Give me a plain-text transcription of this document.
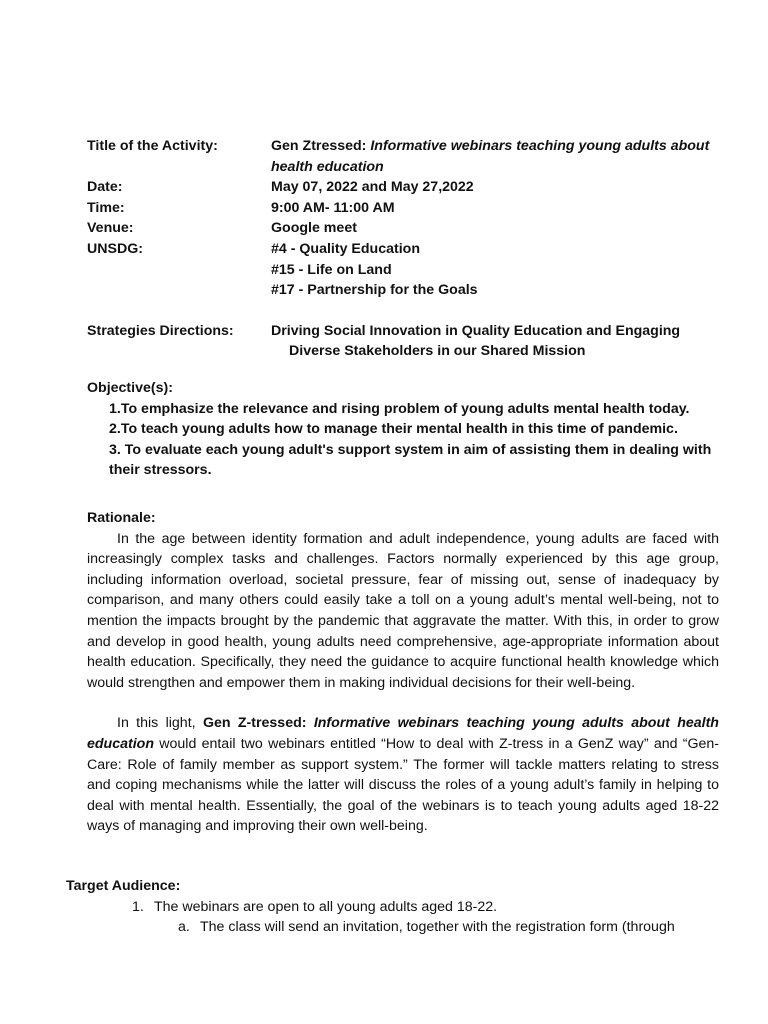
Title of the Activity:	Gen Ztressed: Informative webinars teaching young adults about health education
Date:	May 07, 2022 and May 27,2022
Time:	9:00 AM- 11:00 AM
Venue:	Google meet
UNSDG:	#4 - Quality Education
#15 - Life on Land
#17 - Partnership for the Goals
Strategies Directions:	Driving Social Innovation in Quality Education and Engaging
Diverse Stakeholders in our Shared Mission
Objective(s):
1.To emphasize the relevance and rising problem of young adults mental health today.
2.To teach young adults how to manage their mental health in this time of pandemic.
3. To evaluate each young adult's support system in aim of assisting them in dealing with their stressors.
Rationale:

In the age between identity formation and adult independence, young adults are faced with increasingly complex tasks and challenges. Factors normally experienced by this age group, including information overload, societal pressure, fear of missing out, sense of inadequacy by comparison, and many others could easily take a toll on a young adult’s mental well-being, not to mention the impacts brought by the pandemic that aggravate the matter. With this, in order to grow and develop in good health, young adults need comprehensive, age-appropriate information about health education. Specifically, they need the guidance to acquire functional health knowledge which would strengthen and empower them in making individual decisions for their well-being.

In this light, Gen Z-tressed: Informative webinars teaching young adults about health education would entail two webinars entitled “How to deal with Z-tress in a GenZ way” and “Gen-Care: Role of family member as support system.” The former will tackle matters relating to stress and coping mechanisms while the latter will discuss the roles of a young adult’s family in helping to deal with mental health. Essentially, the goal of the webinars is to teach young adults aged 18-22 ways of managing and improving their own well-being.

Target Audience:
1. The webinars are open to all young adults aged 18-22.
a. The class will send an invitation, together with the registration form (through
